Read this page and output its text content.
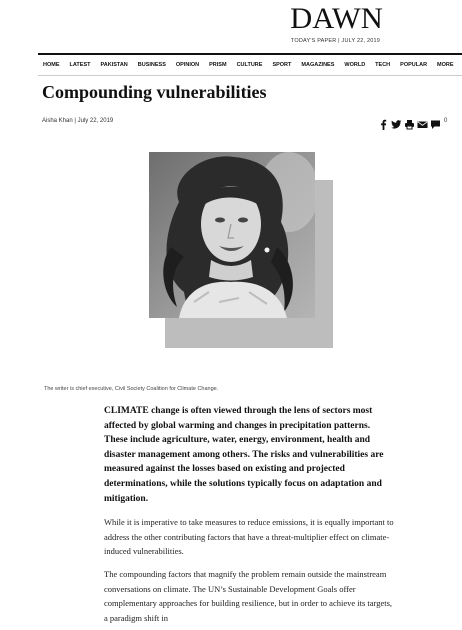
DAWN
TODAY'S PAPER | JULY 22, 2019
HOME	LATEST	PAKISTAN	BUSINESS	OPINION	PRISM	CULTURE	SPORT	MAGAZINES	WORLD	TECH	POPULAR	MORE
Compounding vulnerabilities
Aisha Khan | July 22, 2019	0
The writer is chief executive, Civil Society Coalition for Climate Change.

CLIMATE change is often viewed through the lens of sectors most affected by global warming and changes in precipitation patterns. These include agriculture, water, energy, environment, health and disaster management among others. The risks and vulnerabilities are measured against the losses based on existing and projected determinations, while the solutions typically focus on adaptation and mitigation.

While it is imperative to take measures to reduce emissions, it is equally important to address the other contributing factors that have a threat-multiplier effect on climate-induced vulnerabilities.

The compounding factors that magnify the problem remain outside the mainstream conversations on climate. The UN’s Sustainable Development Goals offer complementary approaches for building resilience, but in order to achieve its targets, a paradigm shift in
